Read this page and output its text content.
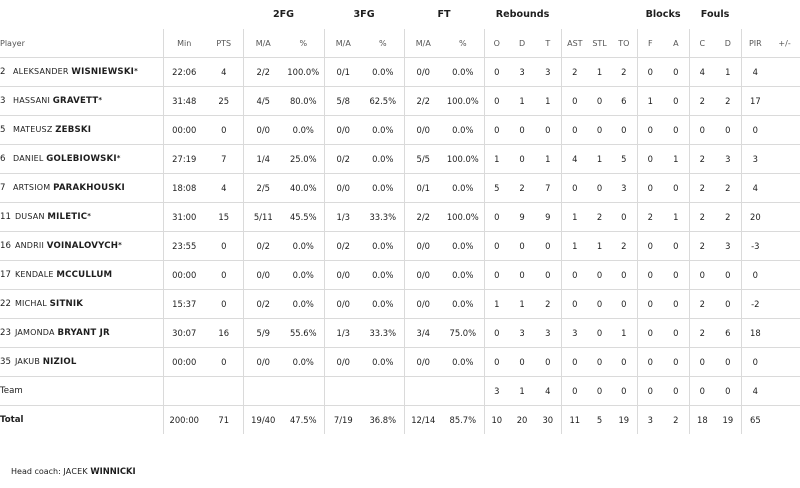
			2FG		3FG		FT		Rebounds						Blocks		Fouls			
Player	Min	PTS	M/A	%	M/A	%	M/A	%	O	D	T	AST	STL	TO	F	A	C	D	PIR	+/-
2 ALEKSANDER WISNIEWSKI*	22:06	4	2/2	100.0%	0/1	0.0%	0/0	0.0%	0	3	3	2	1	2	0	0	4	1	4	
3 HASSANI GRAVETT*	31:48	25	4/5	80.0%	5/8	62.5%	2/2	100.0%	0	1	1	0	0	6	1	0	2	2	17	
5 MATEUSZ ZEBSKI	00:00	0	0/0	0.0%	0/0	0.0%	0/0	0.0%	0	0	0	0	0	0	0	0	0	0	0	
6 DANIEL GOLEBIOWSKI*	27:19	7	1/4	25.0%	0/2	0.0%	5/5	100.0%	1	0	1	4	1	5	0	1	2	3	3	
7 ARTSIOM PARAKHOUSKI	18:08	4	2/5	40.0%	0/0	0.0%	0/1	0.0%	5	2	7	0	0	3	0	0	2	2	4	
11 DUSAN MILETIC*	31:00	15	5/11	45.5%	1/3	33.3%	2/2	100.0%	0	9	9	1	2	0	2	1	2	2	20	
16 ANDRII VOINALOVYCH*	23:55	0	0/2	0.0%	0/2	0.0%	0/0	0.0%	0	0	0	1	1	2	0	0	2	3	-3	
17 KENDALE MCCULLUM	00:00	0	0/0	0.0%	0/0	0.0%	0/0	0.0%	0	0	0	0	0	0	0	0	0	0	0	
22 MICHAL SITNIK	15:37	0	0/2	0.0%	0/0	0.0%	0/0	0.0%	1	1	2	0	0	0	0	0	2	0	-2	
23 JAMONDA BRYANT JR	30:07	16	5/9	55.6%	1/3	33.3%	3/4	75.0%	0	3	3	3	0	1	0	0	2	6	18	
35 JAKUB NIZIOL	00:00	0	0/0	0.0%	0/0	0.0%	0/0	0.0%	0	0	0	0	0	0	0	0	0	0	0	
Team									3	1	4	0	0	0	0	0	0	0	4	
Total	200:00	71	19/40	47.5%	7/19	36.8%	12/14	85.7%	10	20	30	11	5	19	3	2	18	19	65	
Head coach: JACEK WINNICKI
